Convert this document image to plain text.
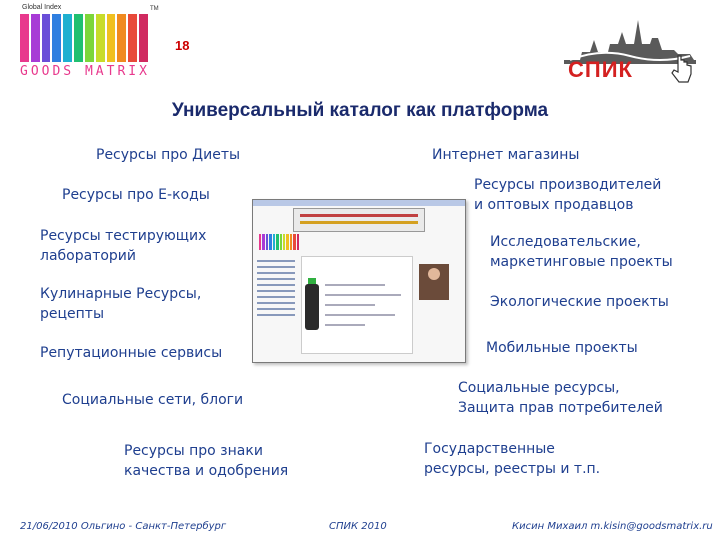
Global Index	TM
GOODS MATRIX
18
СПИК
Универсальный каталог как платформа
Ресурсы про Диеты
Ресурсы про Е-коды
Ресурсы тестирующих
лабораторий
Кулинарные Ресурсы,
рецепты
Репутационные сервисы
Социальные сети, блоги
Ресурсы про знаки
качества и одобрения
Интернет магазины
Ресурсы производителей
и оптовых продавцов
Исследовательские,
маркетинговые проекты
Экологические проекты
Мобильные проекты
Социальные ресурсы,
Защита прав потребителей
Государственные
ресурсы, реестры и т.п.
21/06/2010 Ольгино - Санкт-Петербург	СПИК 2010	Кисин Михаил m.kisin@goodsmatrix.ru
